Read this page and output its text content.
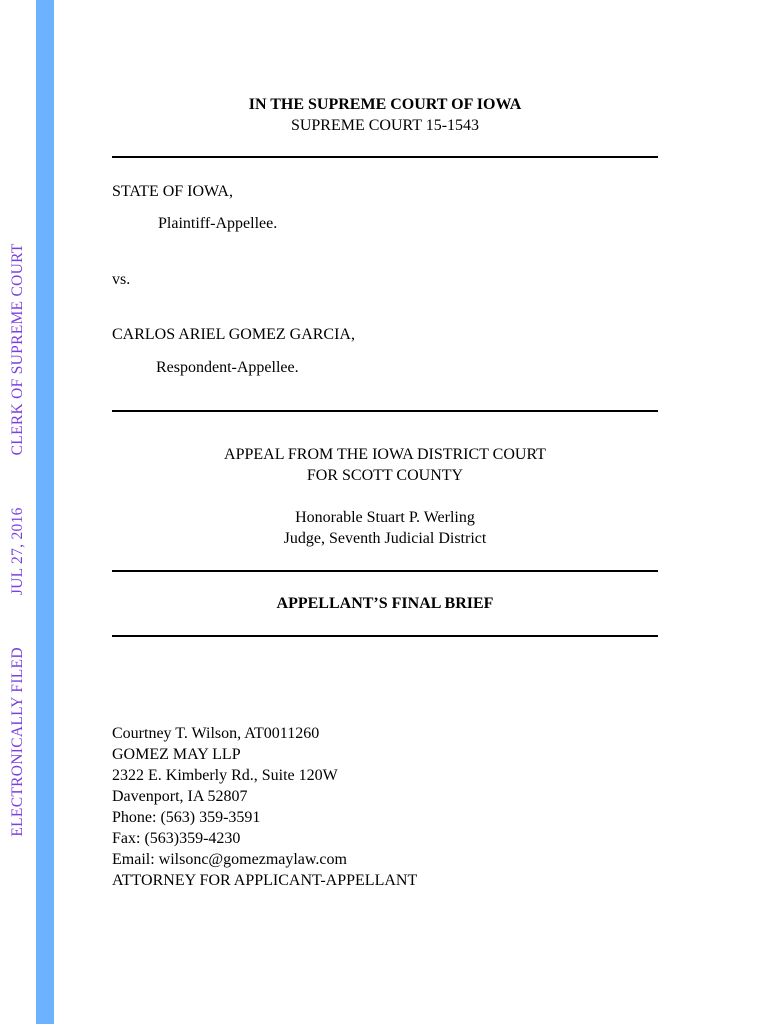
ELECTRONICALLY FILEDJUL 27, 2016CLERK OF SUPREME COURT
IN THE SUPREME COURT OF IOWA
SUPREME COURT 15-1543
STATE OF IOWA,
Plaintiff-Appellee.
vs.
CARLOS ARIEL GOMEZ GARCIA,
Respondent-Appellee.
APPEAL FROM THE IOWA DISTRICT COURT
FOR SCOTT COUNTY
Honorable Stuart P. Werling
Judge, Seventh Judicial District
APPELLANT’S FINAL BRIEF
Courtney T. Wilson, AT0011260
GOMEZ MAY LLP
2322 E. Kimberly Rd., Suite 120W
Davenport, IA 52807
Phone: (563) 359-3591
Fax: (563)359-4230
Email: wilsonc@gomezmaylaw.com
ATTORNEY FOR APPLICANT-APPELLANT
